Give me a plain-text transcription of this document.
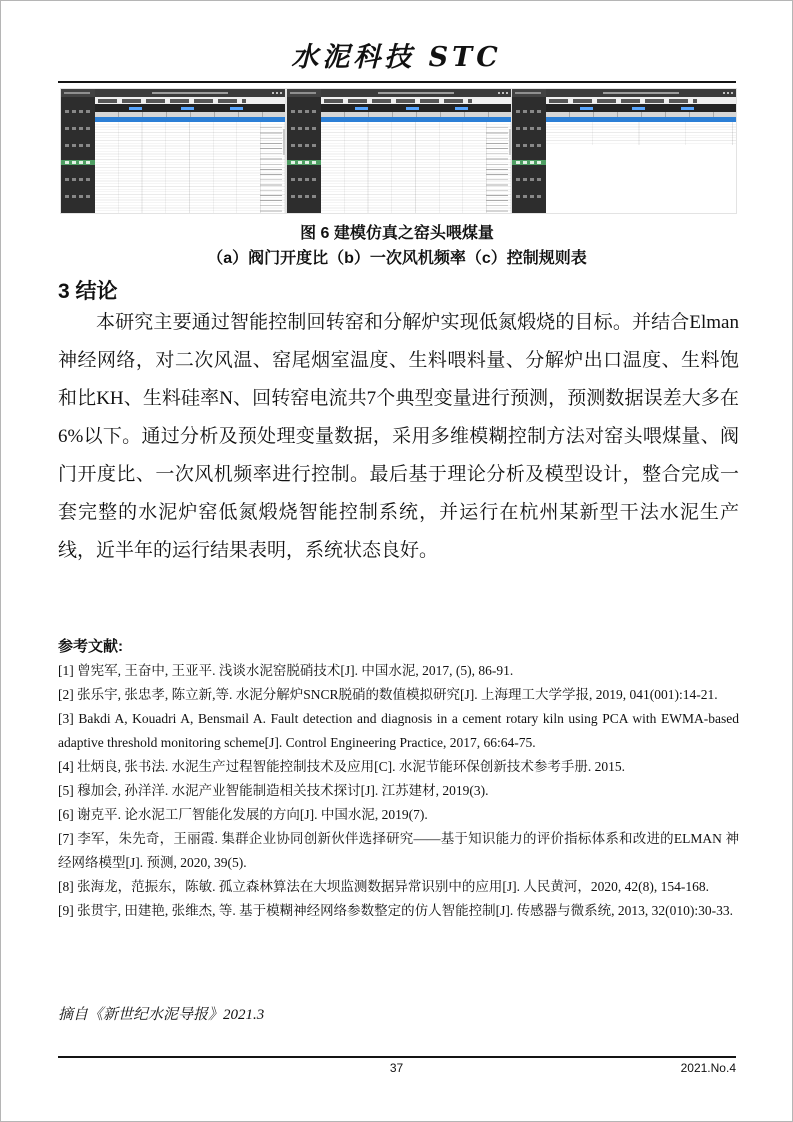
水泥科技 STC
图 6 建模仿真之窑头喂煤量
（a）阀门开度比（b）一次风机频率（c）控制规则表
3 结论

本研究主要通过智能控制回转窑和分解炉实现低氮煅烧的目标。并结合Elman神经网络，对二次风温、窑尾烟室温度、生料喂料量、分解炉出口温度、生料饱和比KH、生料硅率N、回转窑电流共7个典型变量进行预测，预测数据误差大多在6%以下。通过分析及预处理变量数据，采用多维模糊控制方法对窑头喂煤量、阀门开度比、一次风机频率进行控制。最后基于理论分析及模型设计，整合完成一套完整的水泥炉窑低氮煅烧智能控制系统，并运行在杭州某新型干法水泥生产线，近半年的运行结果表明，系统状态良好。

参考文献:

[1] 曾宪军, 王奋中, 王亚平. 浅谈水泥窑脱硝技术[J]. 中国水泥, 2017, (5), 86-91.

[2] 张乐宇, 张忠孝, 陈立新,等. 水泥分解炉SNCR脱硝的数值模拟研究[J]. 上海理工大学学报, 2019, 041(001):14-21.

[3] Bakdi A, Kouadri A, Bensmail A. Fault detection and diagnosis in a cement rotary kiln using PCA with EWMA-based adaptive threshold monitoring scheme[J]. Control Engineering Practice, 2017, 66:64-75.

[4] 壮炳良, 张书法. 水泥生产过程智能控制技术及应用[C]. 水泥节能环保创新技术参考手册. 2015.

[5] 穆加会, 孙洋洋. 水泥产业智能制造相关技术探讨[J]. 江苏建材, 2019(3).

[6] 谢克平. 论水泥工厂智能化发展的方向[J]. 中国水泥, 2019(7).

[7] 李军，朱先奇，王丽霞. 集群企业协同创新伙伴选择研究——基于知识能力的评价指标体系和改进的ELMAN 神经网络模型[J]. 预测, 2020, 39(5).

[8] 张海龙，范振东，陈敏. 孤立森林算法在大坝监测数据异常识别中的应用[J]. 人民黄河，2020, 42(8), 154-168.

[9] 张贯宇, 田建艳, 张维杰, 等. 基于模糊神经网络参数整定的仿人智能控制[J]. 传感器与微系统, 2013, 32(010):30-33.

摘自《新世纪水泥导报》2021.3
37	2021.No.4
